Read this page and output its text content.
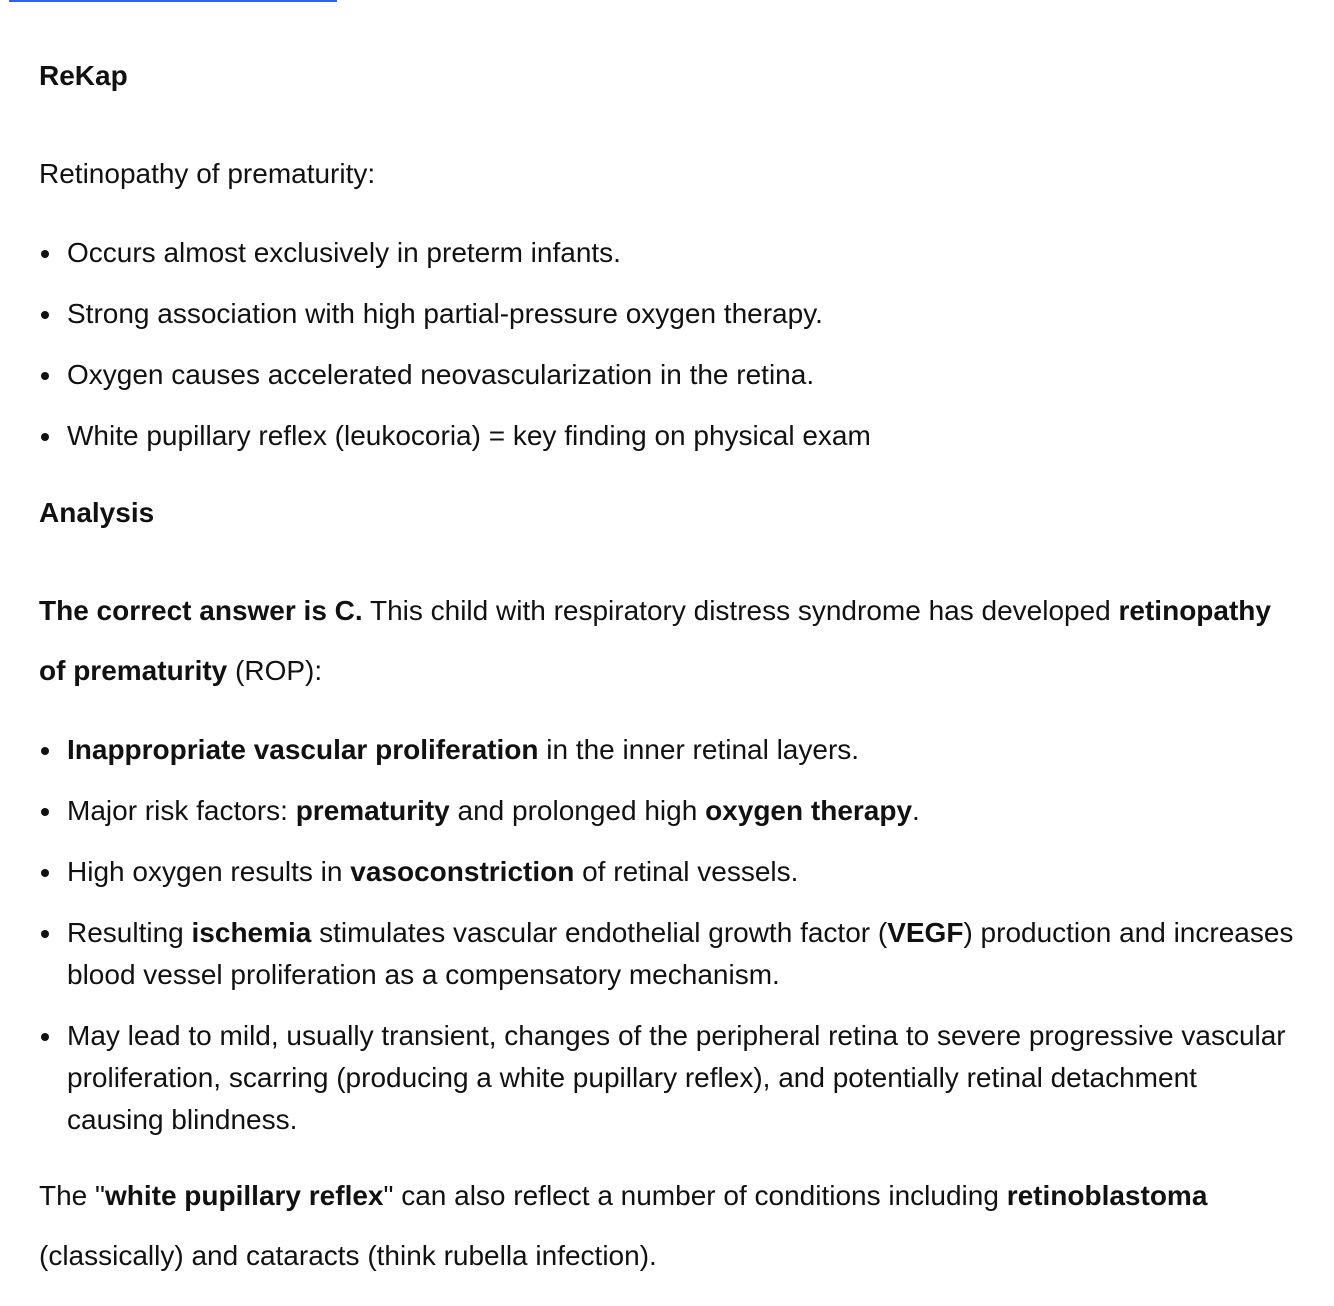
ReKap
Retinopathy of prematurity:
Occurs almost exclusively in preterm infants.
Strong association with high partial-pressure oxygen therapy.
Oxygen causes accelerated neovascularization in the retina.
White pupillary reflex (leukocoria) = key finding on physical exam
Analysis
The correct answer is C. This child with respiratory distress syndrome has developed retinopathy of prematurity (ROP):
Inappropriate vascular proliferation in the inner retinal layers.
Major risk factors: prematurity and prolonged high oxygen therapy.
High oxygen results in vasoconstriction of retinal vessels.
Resulting ischemia stimulates vascular endothelial growth factor (VEGF) production and increases blood vessel proliferation as a compensatory mechanism.
May lead to mild, usually transient, changes of the peripheral retina to severe progressive vascular proliferation, scarring (producing a white pupillary reflex), and potentially retinal detachment causing blindness.
The "white pupillary reflex" can also reflect a number of conditions including retinoblastoma (classically) and cataracts (think rubella infection).
